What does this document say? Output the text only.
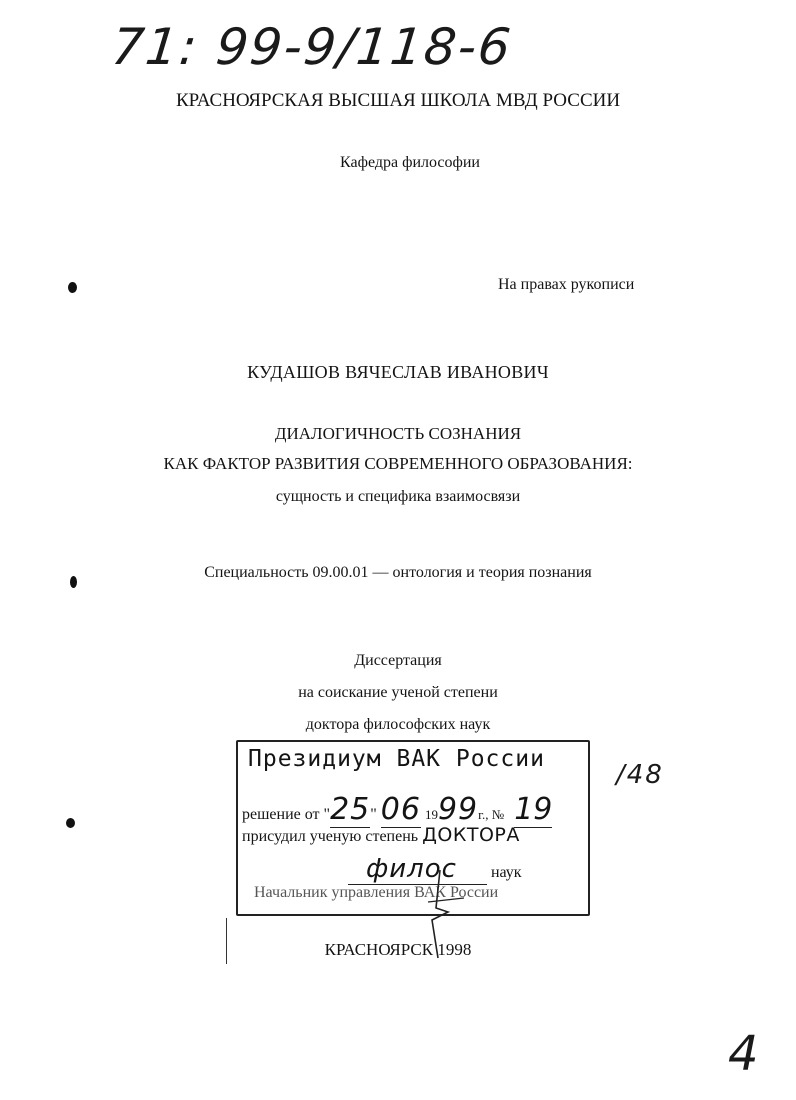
71: 99-9/118-6
КРАСНОЯРСКАЯ ВЫСШАЯ ШКОЛА МВД РОССИИ
Кафедра философии
На правах рукописи
КУДАШОВ ВЯЧЕСЛАВ ИВАНОВИЧ
ДИАЛОГИЧНОСТЬ СОЗНАНИЯ
КАК ФАКТОР РАЗВИТИЯ СОВРЕМЕННОГО ОБРАЗОВАНИЯ:
сущность и специфика взаимосвязи
Специальность 09.00.01 — онтология и теория познания
Диссертация
на соискание ученой степени
доктора философских наук
Президиум ВАК России
решение от "25" 06 1999г., № 19
присудил ученую степень ДОКТОРА
филос наук
Начальник управления ВАК России
/48
КРАСНОЯРСК 1998
4
